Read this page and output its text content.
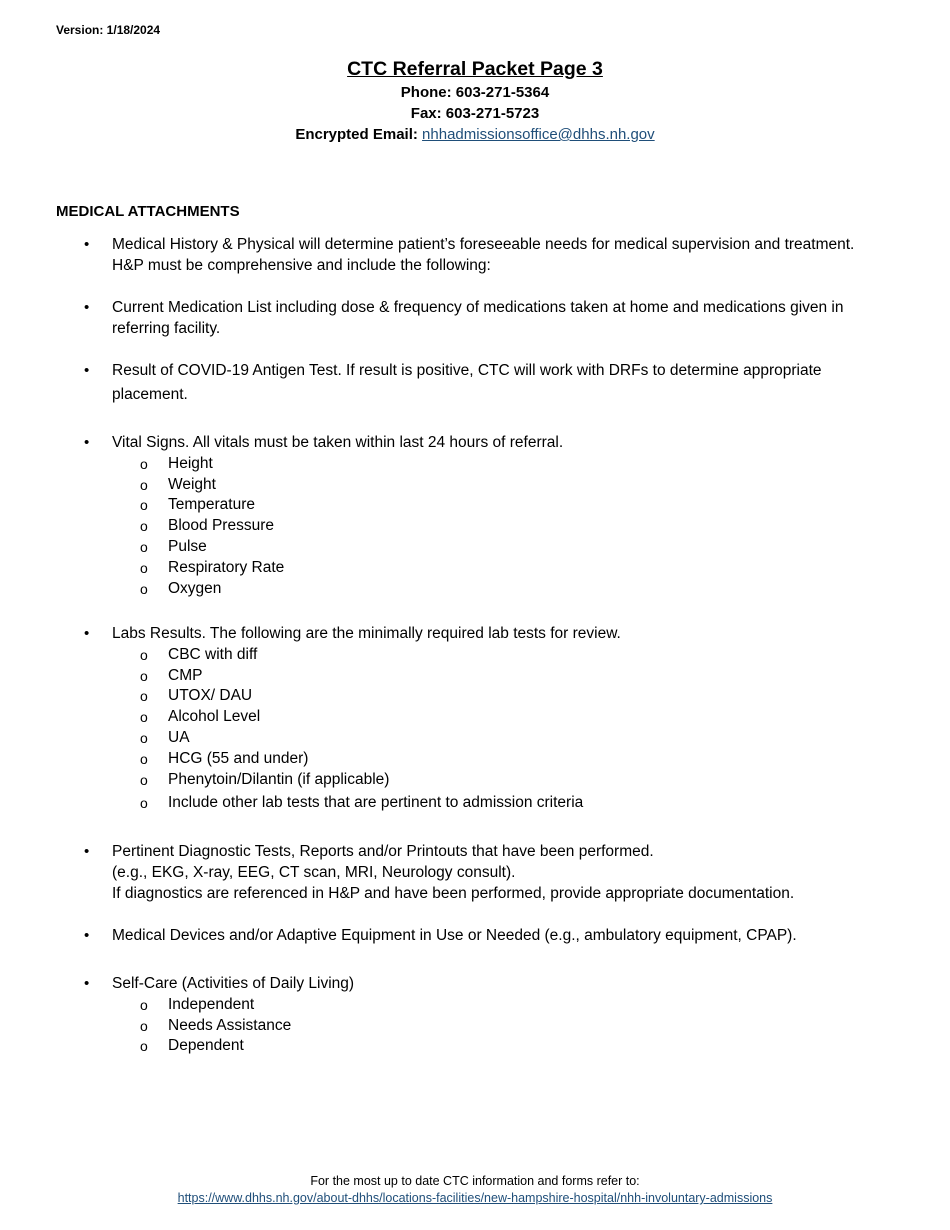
Version: 1/18/2024
CTC Referral Packet Page 3
Phone: 603-271-5364
Fax: 603-271-5723
Encrypted Email: nhhadmissionsoffice@dhhs.nh.gov
MEDICAL ATTACHMENTS
• Medical History & Physical will determine patient’s foreseeable needs for medical supervision and treatment.
H&P must be comprehensive and include the following:
• Current Medication List including dose & frequency of medications taken at home and medications given in
referring facility.
• Result of COVID-19 Antigen Test. If result is positive, CTC will work with DRFs to determine appropriate
placement.
• Vital Signs. All vitals must be taken within last 24 hours of referral.
o Height
o Weight
o Temperature
o Blood Pressure
o Pulse
o Respiratory Rate
o Oxygen
• Labs Results. The following are the minimally required lab tests for review.
o CBC with diff
o CMP
o UTOX/ DAU
o Alcohol Level
o UA
o HCG (55 and under)
o Phenytoin/Dilantin (if applicable)
o Include other lab tests that are pertinent to admission criteria
• Pertinent Diagnostic Tests, Reports and/or Printouts that have been performed.
(e.g., EKG, X-ray, EEG, CT scan, MRI, Neurology consult).
If diagnostics are referenced in H&P and have been performed, provide appropriate documentation.
• Medical Devices and/or Adaptive Equipment in Use or Needed (e.g., ambulatory equipment, CPAP).
• Self-Care (Activities of Daily Living)
o Independent
o Needs Assistance
o Dependent
For the most up to date CTC information and forms refer to:
https://www.dhhs.nh.gov/about-dhhs/locations-facilities/new-hampshire-hospital/nhh-involuntary-admissions
